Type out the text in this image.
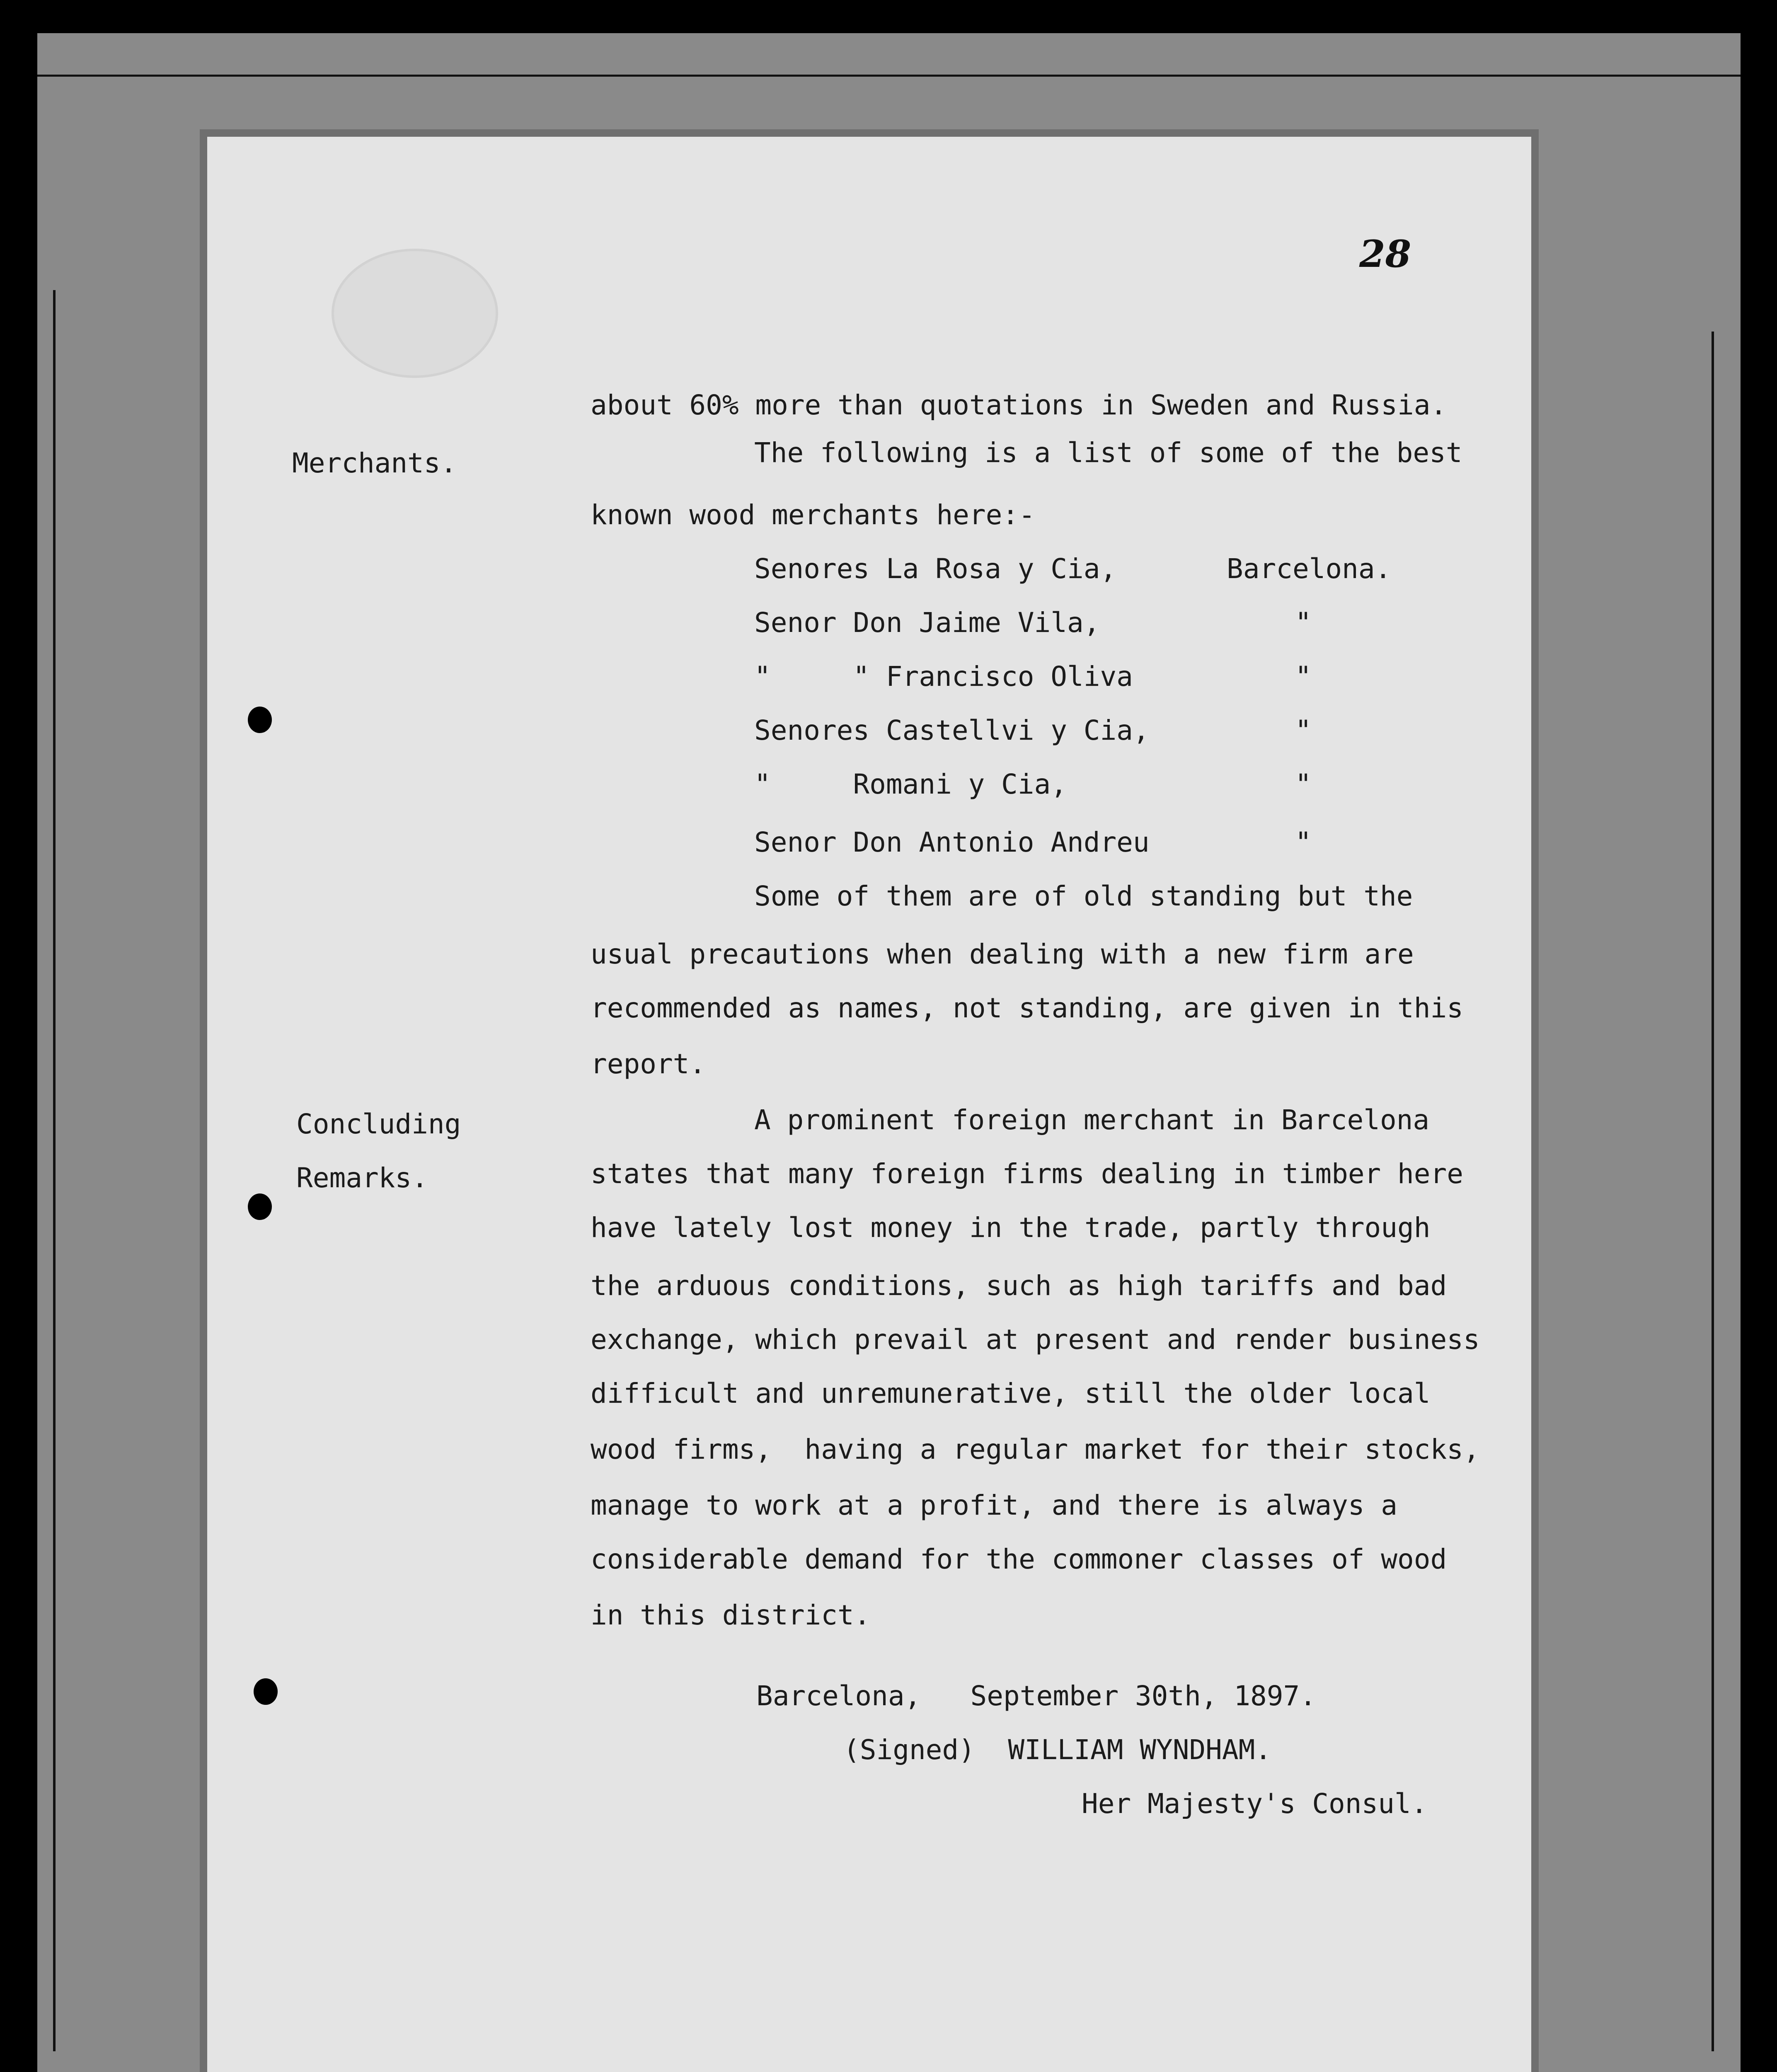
28
Merchants.
Concluding
Remarks.
about 60% more than quotations in Sweden and Russia.
The following is a list of some of the best
known wood merchants here:-
Senores La Rosa y Cia,	Barcelona.
Senor Don Jaime Vila,	"
"     " Francisco Oliva	"
Senores Castellvi y Cia,	"
"     Romani y Cia,	"
Senor Don Antonio Andreu	"
Some of them are of old standing but the
usual precautions when dealing with a new firm are
recommended as names, not standing, are given in this
report.
A prominent foreign merchant in Barcelona
states that many foreign firms dealing in timber here
have lately lost money in the trade, partly through
the arduous conditions, such as high tariffs and bad
exchange, which prevail at present and render business
difficult and unremunerative, still the older local
wood firms,  having a regular market for their stocks,
manage to work at a profit, and there is always a
considerable demand for the commoner classes of wood
in this district.
Barcelona,   September 30th, 1897.
(Signed)  WILLIAM WYNDHAM.
Her Majesty's Consul.
